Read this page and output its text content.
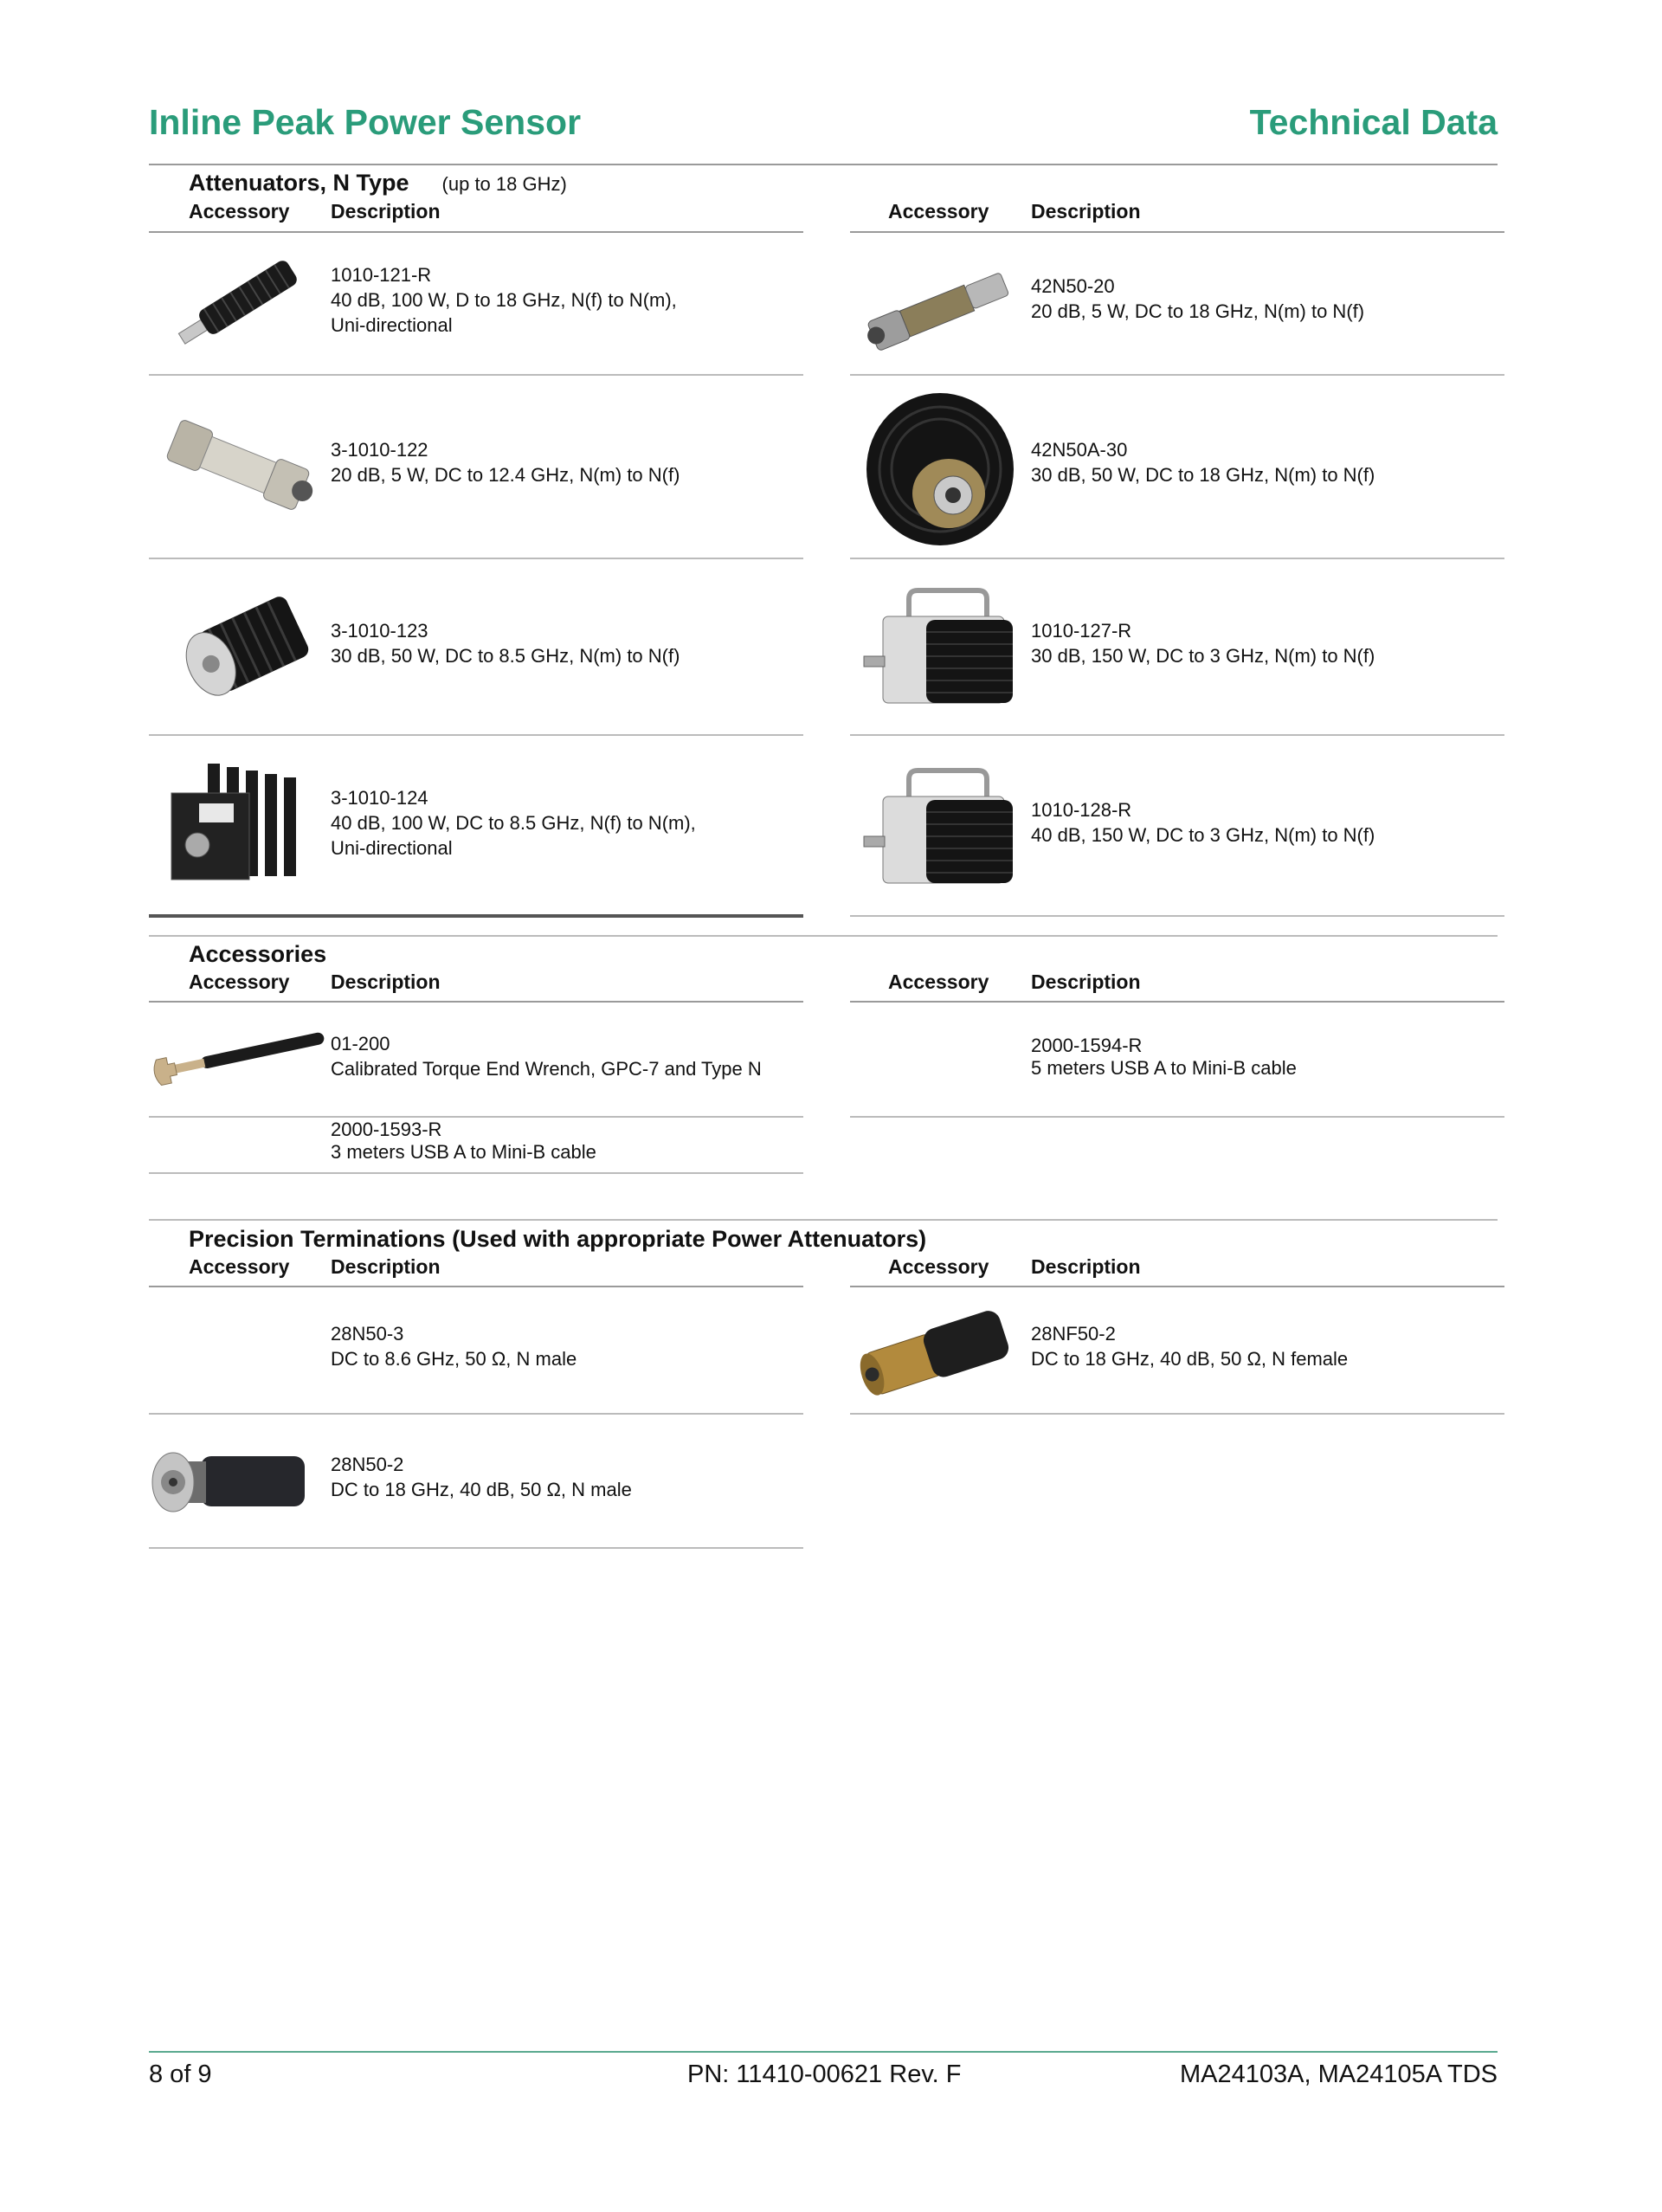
Inline Peak Power Sensor	Technical Data
Attenuators, N Type (up to 18 GHz)
Accessory Description	Accessory Description
1010-121-R
40 dB, 100 W, D to 18 GHz, N(f) to N(m),
Uni-directional
3-1010-122
20 dB, 5 W, DC to 12.4 GHz, N(m) to N(f)
3-1010-123
30 dB, 50 W, DC to 8.5 GHz, N(m) to N(f)
3-1010-124
40 dB, 100 W, DC to 8.5 GHz, N(f) to N(m),
Uni-directional
42N50-20
20 dB, 5 W, DC to 18 GHz, N(m) to N(f)
42N50A-30
30 dB, 50 W, DC to 18 GHz, N(m) to N(f)
1010-127-R
30 dB, 150 W, DC to 3 GHz, N(m) to N(f)
1010-128-R
40 dB, 150 W, DC to 3 GHz, N(m) to N(f)
Accessories
Accessory Description	Accessory Description
01-200
Calibrated Torque End Wrench, GPC-7 and Type N
2000-1593-R
3 meters USB A to Mini-B cable
2000-1594-R
5 meters USB A to Mini-B cable
Precision Terminations (Used with appropriate Power Attenuators)
Accessory Description	Accessory Description
28N50-3
DC to 8.6 GHz, 50 Ω, N male
28N50-2
DC to 18 GHz, 40 dB, 50 Ω, N male
28NF50-2
DC to 18 GHz, 40 dB, 50 Ω, N female
8 of 9	PN: 11410-00621 Rev. F	MA24103A, MA24105A TDS
